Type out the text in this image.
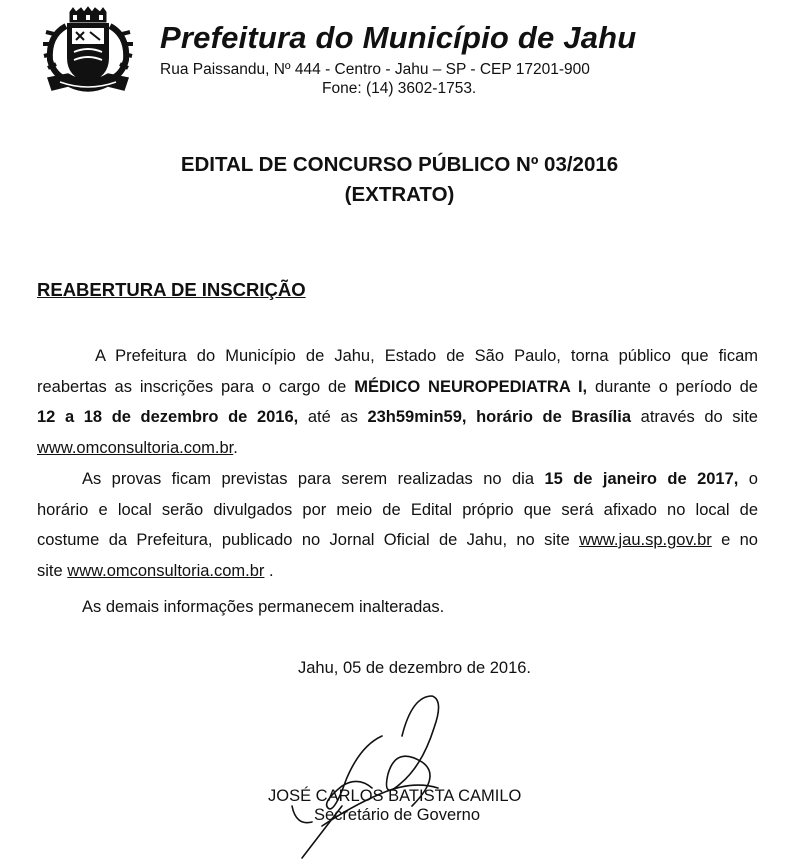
Prefeitura do Município de Jahu
Rua Paissandu, Nº 444 - Centro - Jahu – SP - CEP 17201-900
Fone: (14) 3602-1753.
EDITAL DE CONCURSO PÚBLICO Nº 03/2016
(EXTRATO)
REABERTURA DE INSCRIÇÃO
A Prefeitura do Município de Jahu, Estado de São Paulo, torna público que ficam
reabertas as inscrições para o cargo de MÉDICO NEUROPEDIATRA I, durante o período de
12 a 18 de dezembro de 2016, até as 23h59min59, horário de Brasília através do site
www.omconsultoria.com.br.
As provas ficam previstas para serem realizadas no dia 15 de janeiro de 2017, o
horário e local serão divulgados por meio de Edital próprio que será afixado no local de
costume da Prefeitura, publicado no Jornal Oficial de Jahu, no site www.jau.sp.gov.br e no
site www.omconsultoria.com.br .
As demais informações permanecem inalteradas.
Jahu, 05 de dezembro de 2016.
JOSÉ CARLOS BATISTA CAMILO
Secretário de Governo
